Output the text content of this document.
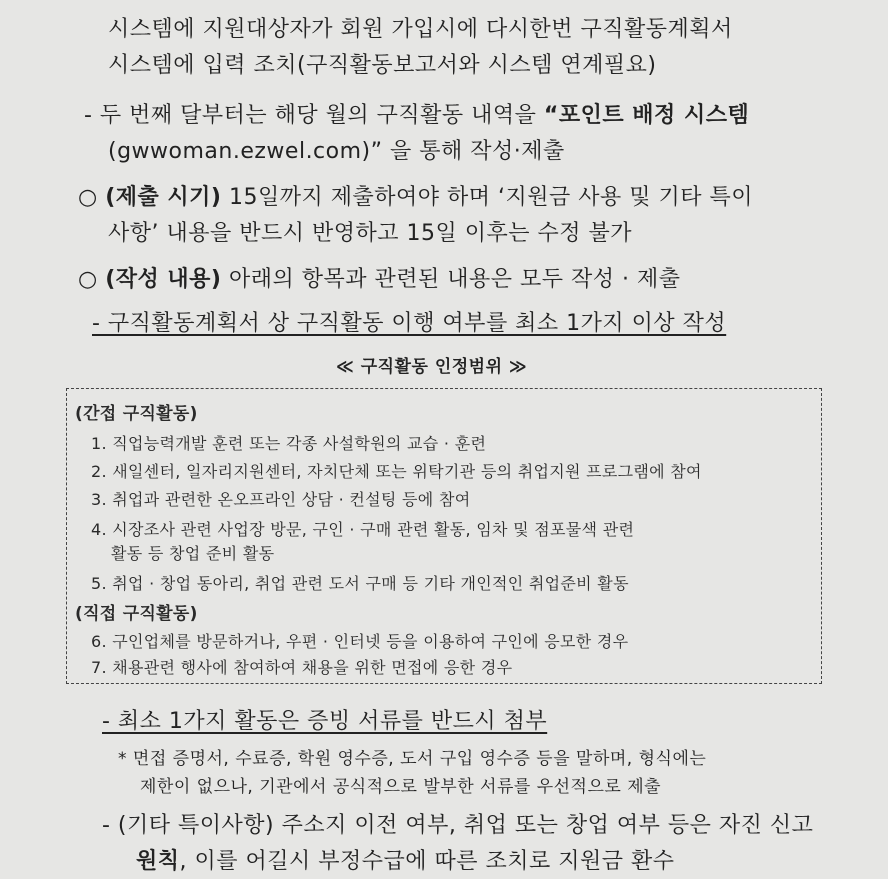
시스템에 지원대상자가 회원 가입시에 다시한번 구직활동계획서
시스템에 입력 조치(구직활동보고서와 시스템 연계필요)
- 두 번째 달부터는 해당 월의 구직활동 내역을 “포인트 배정 시스템
(gwwoman.ezwel.com)” 을 통해 작성·제출
○ (제출 시기) 15일까지 제출하여야 하며 ‘지원금 사용 및 기타 특이
사항’ 내용을 반드시 반영하고 15일 이후는 수정 불가
○ (작성 내용) 아래의 항목과 관련된 내용은 모두 작성 · 제출
- 구직활동계획서 상 구직활동 이행 여부를 최소 1가지 이상 작성
≪ 구직활동 인정범위 ≫
(간접 구직활동)
1. 직업능력개발 훈련 또는 각종 사설학원의 교습 · 훈련
2. 새일센터, 일자리지원센터, 자치단체 또는 위탁기관 등의 취업지원 프로그램에 참여
3. 취업과 관련한 온오프라인 상담 · 컨설팅 등에 참여
4. 시장조사 관련 사업장 방문, 구인 · 구매 관련 활동, 임차 및 점포물색 관련
활동 등 창업 준비 활동
5. 취업 · 창업 동아리, 취업 관련 도서 구매 등 기타 개인적인 취업준비 활동
(직접 구직활동)
6. 구인업체를 방문하거나, 우편 · 인터넷 등을 이용하여 구인에 응모한 경우
7. 채용관련 행사에 참여하여 채용을 위한 면접에 응한 경우
- 최소 1가지 활동은 증빙 서류를 반드시 첨부
* 면접 증명서, 수료증, 학원 영수증, 도서 구입 영수증 등을 말하며, 형식에는
제한이 없으나, 기관에서 공식적으로 발부한 서류를 우선적으로 제출
- (기타 특이사항) 주소지 이전 여부, 취업 또는 창업 여부 등은 자진 신고
원칙, 이를 어길시 부정수급에 따른 조치로 지원금 환수
